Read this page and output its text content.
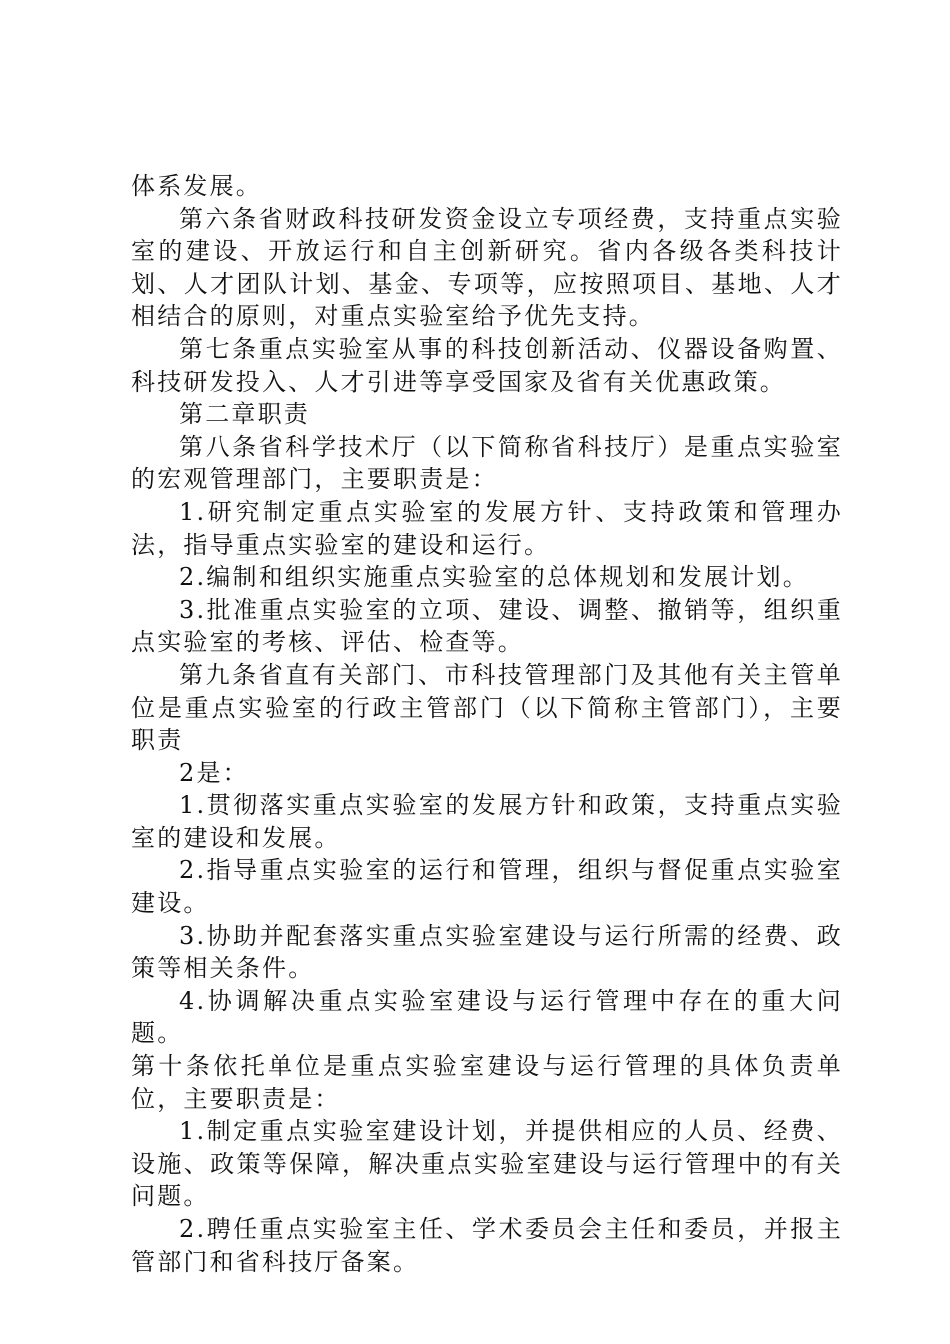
体系发展。

第六条省财政科技研发资金设立专项经费，支持重点实验室的建设、开放运行和自主创新研究。省内各级各类科技计划、人才团队计划、基金、专项等，应按照项目、基地、人才相结合的原则，对重点实验室给予优先支持。

第七条重点实验室从事的科技创新活动、仪器设备购置、科技研发投入、人才引进等享受国家及省有关优惠政策。

第二章职责

第八条省科学技术厅（以下简称省科技厅）是重点实验室的宏观管理部门，主要职责是：

1.研究制定重点实验室的发展方针、支持政策和管理办法，指导重点实验室的建设和运行。

2.编制和组织实施重点实验室的总体规划和发展计划。

3.批准重点实验室的立项、建设、调整、撤销等，组织重点实验室的考核、评估、检查等。

第九条省直有关部门、市科技管理部门及其他有关主管单位是重点实验室的行政主管部门（以下简称主管部门），主要职责

2是：

1.贯彻落实重点实验室的发展方针和政策，支持重点实验室的建设和发展。

2.指导重点实验室的运行和管理，组织与督促重点实验室建设。

3.协助并配套落实重点实验室建设与运行所需的经费、政策等相关条件。

4.协调解决重点实验室建设与运行管理中存在的重大问题。

第十条依托单位是重点实验室建设与运行管理的具体负责单位，主要职责是：

1.制定重点实验室建设计划，并提供相应的人员、经费、设施、政策等保障，解决重点实验室建设与运行管理中的有关问题。

2.聘任重点实验室主任、学术委员会主任和委员，并报主管部门和省科技厅备案。
